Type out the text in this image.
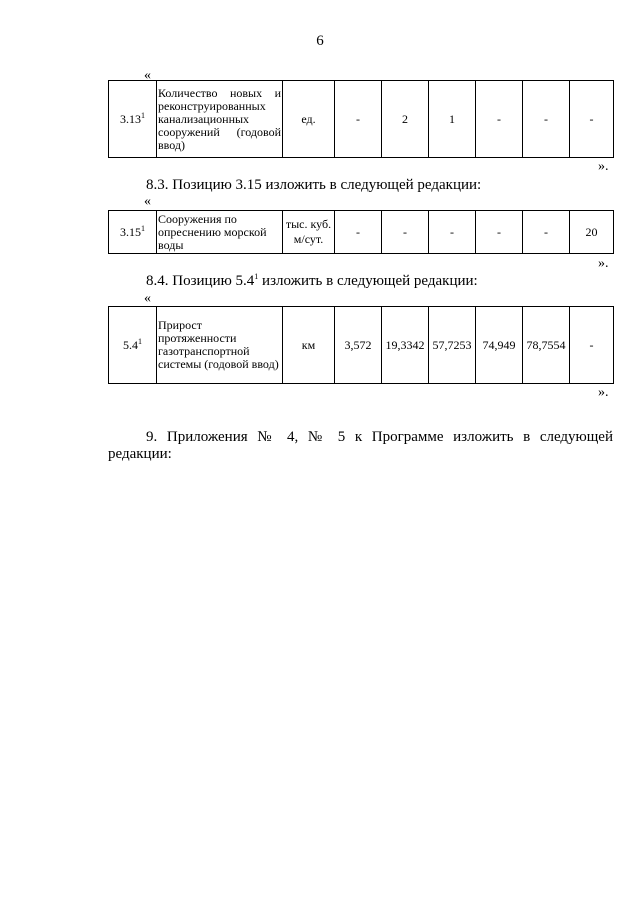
6
«
3.13$^1$	Количество новых и реконструированных канализационных сооружений (годовой ввод)	ед.	-	2	1	-	-	-
».
8.3. Позицию 3.15 изложить в следующей редакции:
«
3.15$^1$	Сооружения по опреснению морской воды	тыс. куб. м/сут.	-	-	-	-	-	20
».
8.4. Позицию $5.4^1$ изложить в следующей редакции:
«
$5.4^1$	Прирост протяженности газотранспортной системы (годовой ввод)	км	3,572	19,3342	57,7253	74,949	78,7554	-
».
9. Приложения № 4, № 5 к Программе изложить в следующей
редакции:
